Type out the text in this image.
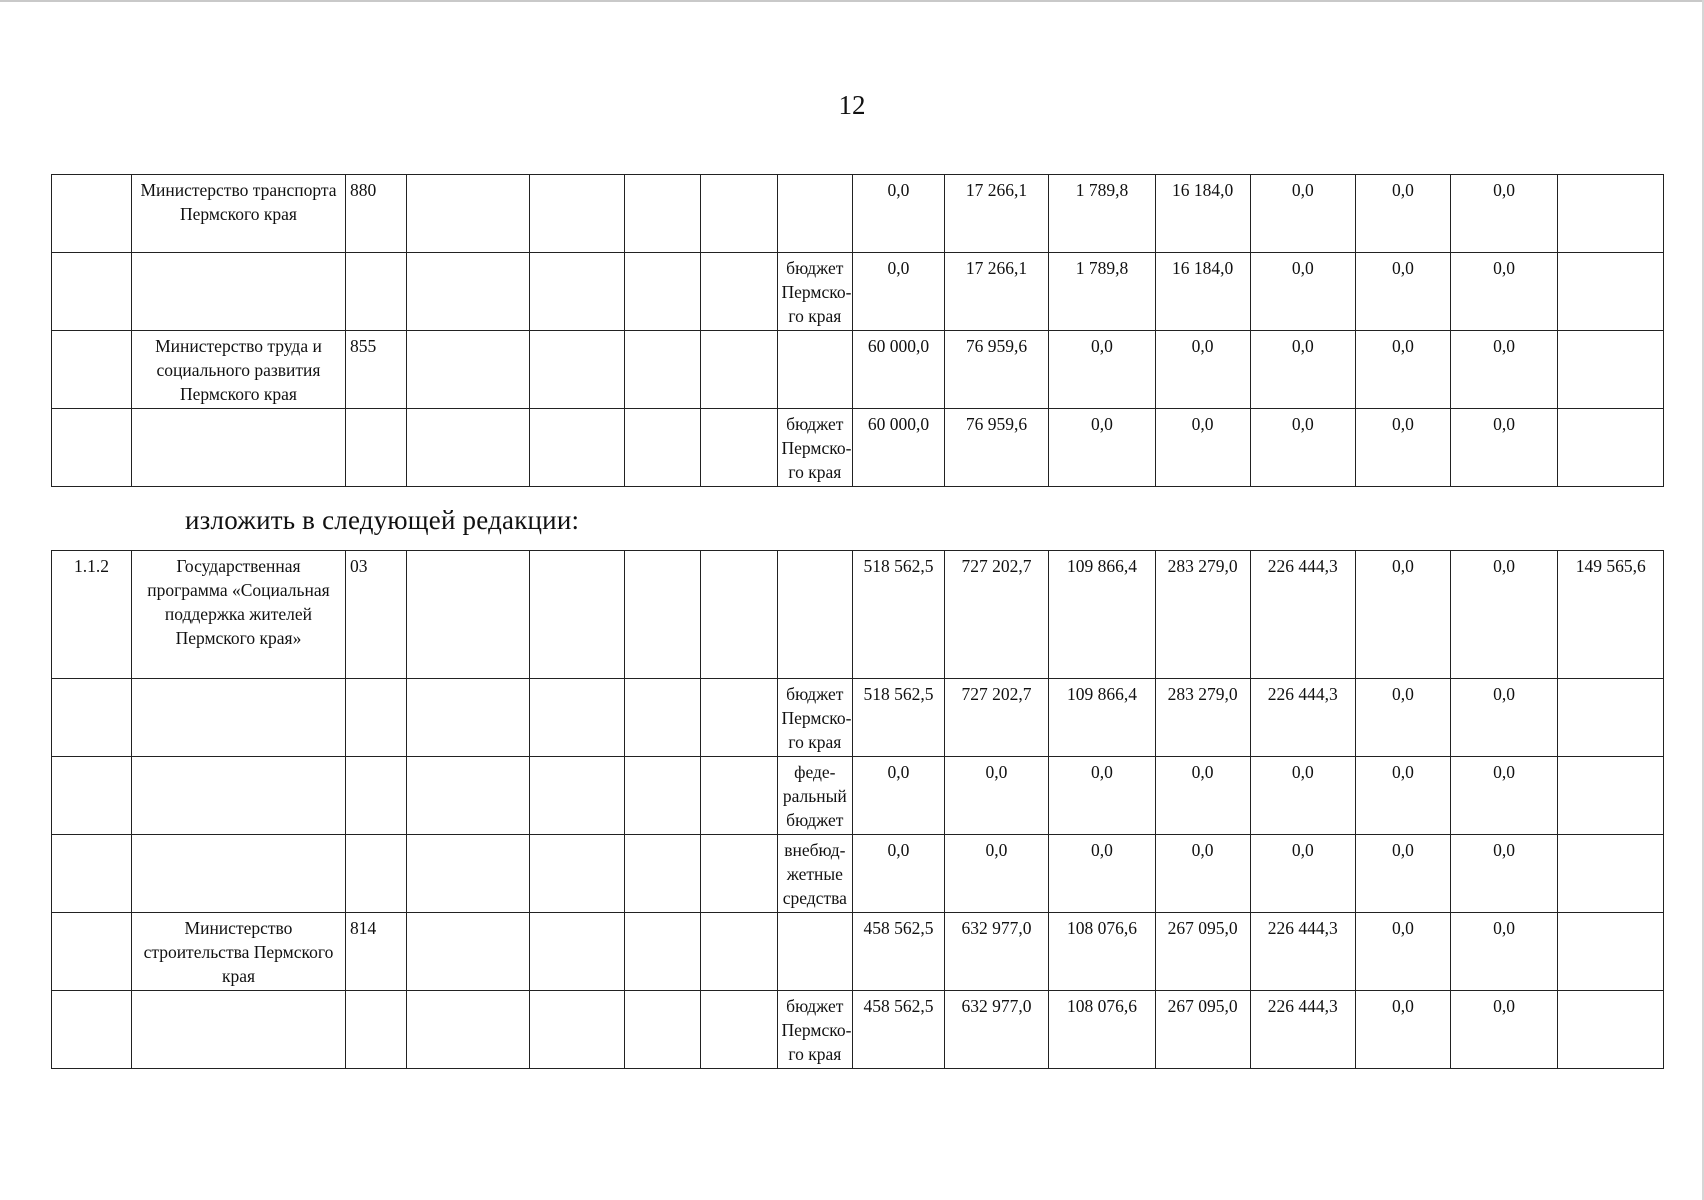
12
	Министерство транспорта Пермского края	880						0,0	17 266,1	1 789,8	16 184,0	0,0	0,0	0,0	
							бюджет Пермско-го края	0,0	17 266,1	1 789,8	16 184,0	0,0	0,0	0,0	
	Министерство труда и социального развития Пермского края	855						60 000,0	76 959,6	0,0	0,0	0,0	0,0	0,0	
							бюджет Пермско-го края	60 000,0	76 959,6	0,0	0,0	0,0	0,0	0,0	
изложить в следующей редакции:
1.1.2	Государственная программа «Социальная поддержка жителей Пермского края»	03						518 562,5	727 202,7	109 866,4	283 279,0	226 444,3	0,0	0,0	149 565,6
							бюджет Пермско-го края	518 562,5	727 202,7	109 866,4	283 279,0	226 444,3	0,0	0,0	
							феде-ральный бюджет	0,0	0,0	0,0	0,0	0,0	0,0	0,0	
							внебюд-жетные средства	0,0	0,0	0,0	0,0	0,0	0,0	0,0	
	Министерство строительства Пермского края	814						458 562,5	632 977,0	108 076,6	267 095,0	226 444,3	0,0	0,0	
							бюджет Пермско-го края	458 562,5	632 977,0	108 076,6	267 095,0	226 444,3	0,0	0,0	
